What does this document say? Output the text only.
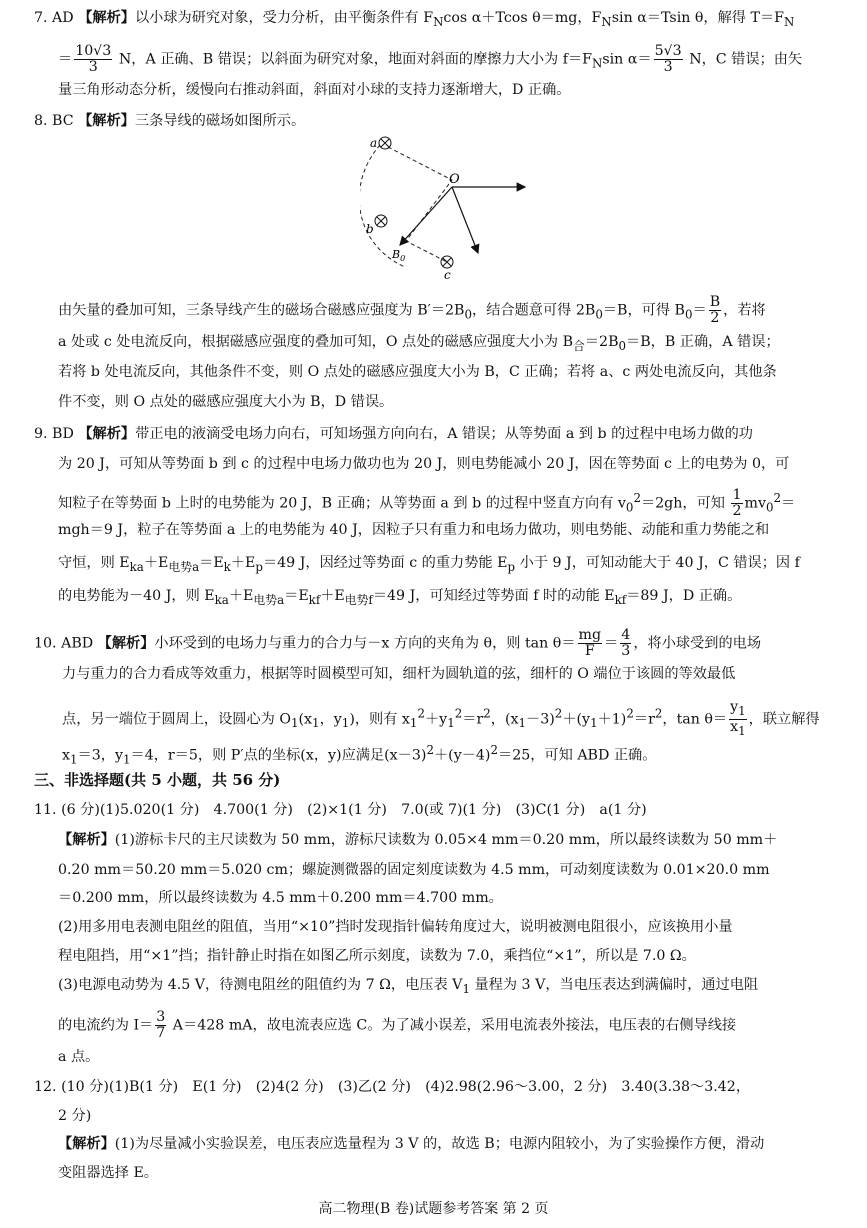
7. AD 【解析】以小球为研究对象，受力分析，由平衡条件有 $F_N\cos$ α＋Tcos θ＝mg，$F_N\sin$ α＝Tsin θ，解得 $T=F_N$
＝ $\frac{10√3}{3}$ N，A 正确、B 错误；以斜面为研究对象，地面对斜面的摩擦力大小为 $f=F_N\sin$ $\alpha= \frac{5√3}{3}$ N，C 错误；由矢
量三角形动态分析，缓慢向右推动斜面，斜面对小球的支持力逐渐增大，D 正确。
8. BC 【解析】三条导线的磁场如图所示。
a
b
c
O
$B_0$
由矢量的叠加可知，三条导线产生的磁场合磁感应强度为 $B'=2B_0$，结合题意可得 $2B_0=B$，可得 $B_0= \frac{B}{2}$ ，若将
a 处或 c 处电流反向，根据磁感应强度的叠加可知，O 点处的磁感应强度大小为 $B_合=2B_0=B$，B 正确，A 错误；
若将 b 处电流反向，其他条件不变，则 O 点处的磁感应强度大小为 B，C 正确；若将 a、c 两处电流反向，其他条
件不变，则 O 点处的磁感应强度大小为 B，D 错误。
9. BD 【解析】带正电的液滴受电场力向右，可知场强方向向右，A 错误；从等势面 a 到 b 的过程中电场力做的功
为 20 J，可知从等势面 b 到 c 的过程中电场力做功也为 20 J，则电势能减小 20 J，因在等势面 c 上的电势为 0，可
知粒子在等势面 b 上时的电势能为 20 J，B 正确；从等势面 a 到 b 的过程中竖直方向有 $v_0^2=2gh$，可知 $\frac{1}{2} mv_0^2=$
mgh＝9 J，粒子在等势面 a 上的电势能为 40 J，因粒子只有重力和电场力做功，则电势能、动能和重力势能之和
守恒，则 $E_{ka}+E_{电势a}=E_k+E_p=49$ J，因经过等势面 c 的重力势能 $E_p$ 小于 9 J，可知动能大于 40 J，C 错误；因 f
的电势能为－40 J，则 $E_{ka}+E_{电势a}=E_{kf}+E_{电势f}=49$ J，可知经过等势面 f 时的动能 $E_{kf}=89$ J，D 正确。
10. ABD 【解析】小环受到的电场力与重力的合力与－x 方向的夹角为 θ，则 $\tan \theta= \frac{mg}{F} = \frac{4}{3}$ ，将小球受到的电场
力与重力的合力看成等效重力，根据等时圆模型可知，细杆为圆轨道的弦，细杆的 O 端位于该圆的等效最低
点，另一端位于圆周上，设圆心为 $O_1(x_1$，$y_1$)，则有 $x_1^2+y_1^2=r^2$，$(x_1-3)^2+(y_1+1)^2=r^2$，$\tan \theta= \frac{y_1}{x_1}$ ，联立解得
$x_1=3$，$y_1=4$，r＝5，则 P′点的坐标(x，y)应满足$(x-3)^2+(y-4)^2=25$，可知 ABD 正确。
三、非选择题(共 5 小题，共 56 分)
11. (6 分)(1)5.020(1 分)　4.700(1 分)　(2)×1(1 分)　7.0(或 7)(1 分)　(3)C(1 分)　a(1 分)
【解析】(1)游标卡尺的主尺读数为 50 mm，游标尺读数为 0.05×4 mm＝0.20 mm，所以最终读数为 50 mm＋
0.20 mm＝50.20 mm＝5.020 cm；螺旋测微器的固定刻度读数为 4.5 mm，可动刻度读数为 0.01×20.0 mm
＝0.200 mm，所以最终读数为 4.5 mm＋0.200 mm＝4.700 mm。
(2)用多用电表测电阻丝的阻值，当用“×10”挡时发现指针偏转角度过大，说明被测电阻很小，应该换用小量
程电阻挡，用“×1”挡；指针静止时指在如图乙所示刻度，读数为 7.0，乘挡位“×1”，所以是 7.0 Ω。
(3)电源电动势为 4.5 V，待测电阻丝的阻值约为 7 Ω，电压表 $V_1$ 量程为 3 V，当电压表达到满偏时，通过电阻
的电流约为 $I= \frac{3}{7} A=428$ mA，故电流表应选 C。为了减小误差，采用电流表外接法，电压表的右侧导线接
a 点。
12. (10 分)(1)B(1 分)　E(1 分)　(2)4(2 分)　(3)乙(2 分)　(4)2.98(2.96～3.00，2 分)　3.40(3.38～3.42，
2 分)
【解析】(1)为尽量减小实验误差，电压表应选量程为 3 V 的，故选 B；电源内阻较小，为了实验操作方便，滑动
变阻器选择 E。
高二物理(B 卷)试题参考答案 第 2 页
